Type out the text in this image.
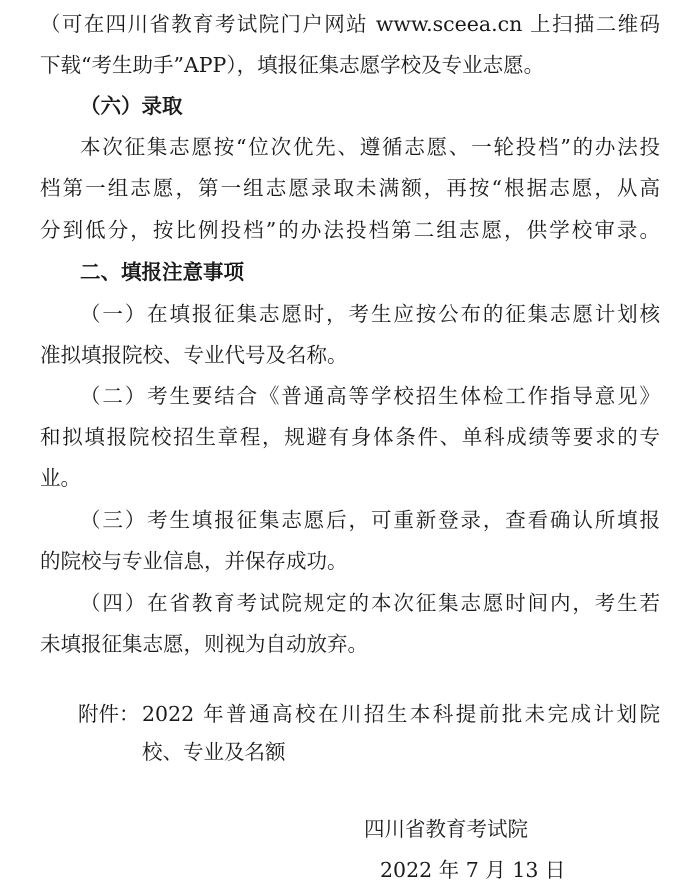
（可在四川省教育考试院门户网站 www.sceea.cn 上扫描二维码
下载“考生助手”APP），填报征集志愿学校及专业志愿。
（六）录取
本次征集志愿按“位次优先、遵循志愿、一轮投档”的办法投
档第一组志愿，第一组志愿录取未满额，再按“根据志愿，从高
分到低分，按比例投档”的办法投档第二组志愿，供学校审录。
二、填报注意事项
（一）在填报征集志愿时，考生应按公布的征集志愿计划核
准拟填报院校、专业代号及名称。
（二）考生要结合《普通高等学校招生体检工作指导意见》
和拟填报院校招生章程，规避有身体条件、单科成绩等要求的专
业。
（三）考生填报征集志愿后，可重新登录，查看确认所填报
的院校与专业信息，并保存成功。
（四）在省教育考试院规定的本次征集志愿时间内，考生若
未填报征集志愿，则视为自动放弃。
附件： 2022 年普通高校在川招生本科提前批未完成计划院
校、专业及名额
四川省教育考试院
2022 年 7 月 13 日
